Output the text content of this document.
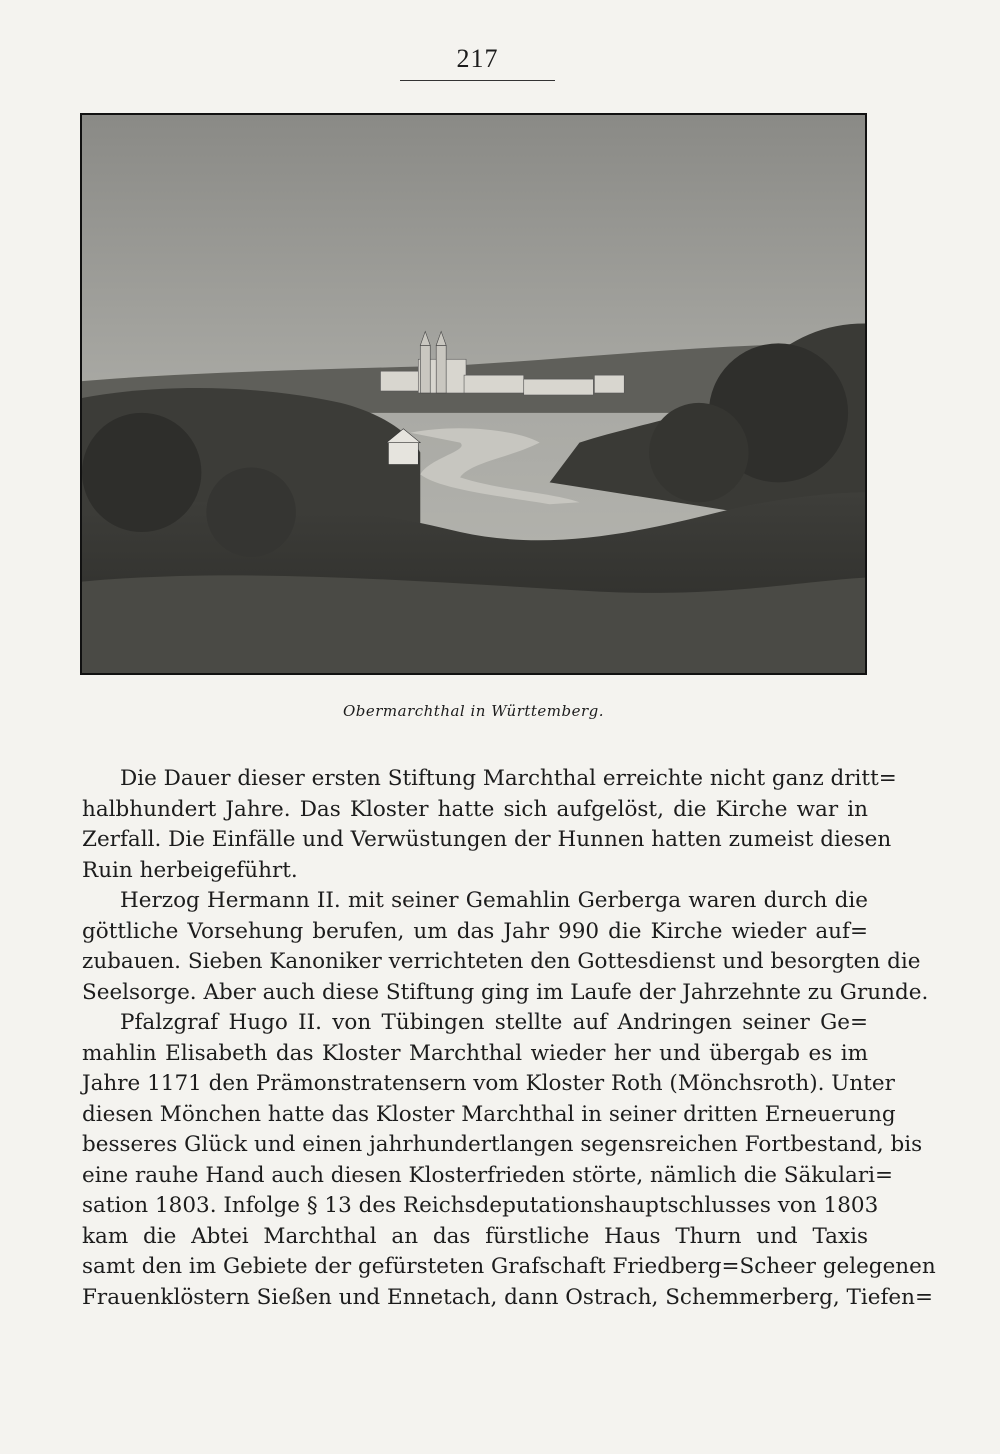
217
Obermarchthal in Württemberg.
Die Dauer dieser ersten Stiftung Marchthal erreichte nicht ganz dritt=
halbhundert Jahre. Das Kloster hatte sich aufgelöst, die Kirche war in
Zerfall. Die Einfälle und Verwüstungen der Hunnen hatten zumeist diesen
Ruin herbeigeführt.
Herzog Hermann II. mit seiner Gemahlin Gerberga waren durch die
göttliche Vorsehung berufen, um das Jahr 990 die Kirche wieder auf=
zubauen. Sieben Kanoniker verrichteten den Gottesdienst und besorgten die
Seelsorge. Aber auch diese Stiftung ging im Laufe der Jahrzehnte zu Grunde.
Pfalzgraf Hugo II. von Tübingen stellte auf Andringen seiner Ge=
mahlin Elisabeth das Kloster Marchthal wieder her und übergab es im
Jahre 1171 den Prämonstratensern vom Kloster Roth (Mönchsroth). Unter
diesen Mönchen hatte das Kloster Marchthal in seiner dritten Erneuerung
besseres Glück und einen jahrhundertlangen segensreichen Fortbestand, bis
eine rauhe Hand auch diesen Klosterfrieden störte, nämlich die Säkulari=
sation 1803. Infolge § 13 des Reichsdeputationshauptschlusses von 1803
kam die Abtei Marchthal an das fürstliche Haus Thurn und Taxis
samt den im Gebiete der gefürsteten Grafschaft Friedberg=Scheer gelegenen
Frauenklöstern Sießen und Ennetach, dann Ostrach, Schemmerberg, Tiefen=
